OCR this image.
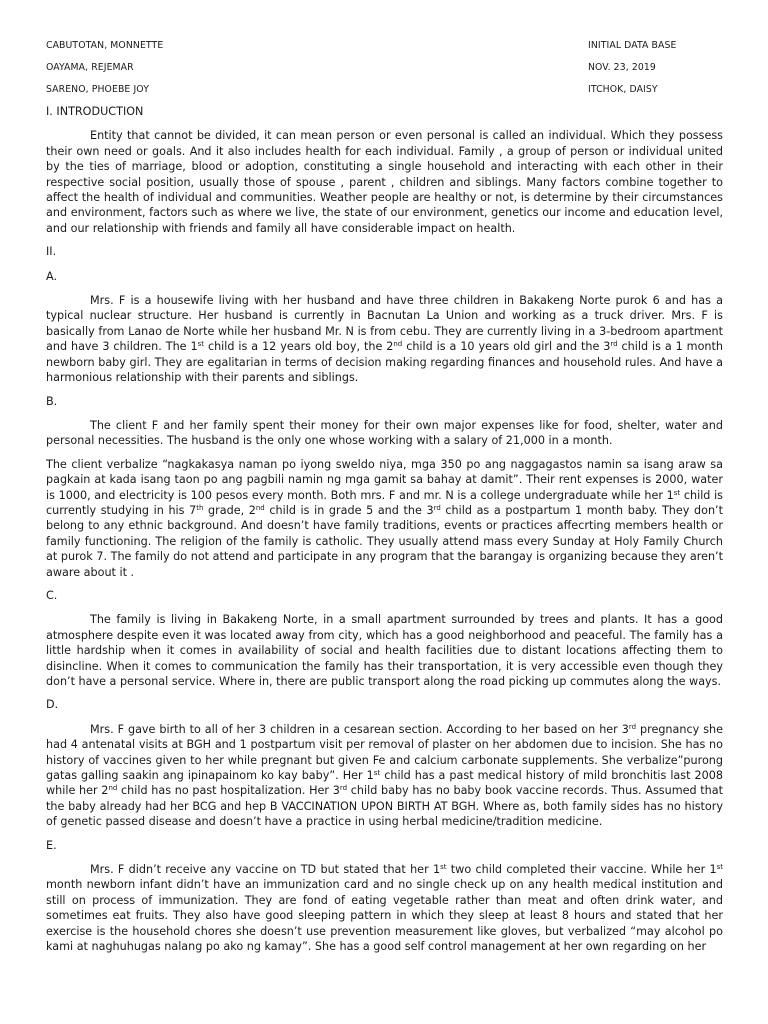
CABUTOTAN, MONNETTE	INITIAL DATA BASE
OAYAMA, REJEMAR	NOV. 23, 2019
SARENO, PHOEBE JOY	ITCHOK, DAISY
I. INTRODUCTION

Entity that cannot be divided, it can mean person or even personal is called an individual. Which they possess their own need or goals. And it also includes health for each individual. Family , a group of person or individual united by the ties of marriage, blood or adoption, constituting a single household and interacting with each other in their respective social position, usually those of spouse , parent , children and siblings. Many factors combine together to affect the health of individual and communities. Weather people are healthy or not, is determine by their circumstances and environment, factors such as where we live, the state of our environment, genetics our income and education level, and our relationship with friends and family all have considerable impact on health.

II.
A.

Mrs. F is a housewife living with her husband and have three children in Bakakeng Norte purok 6 and has a typical nuclear structure. Her husband is currently in Bacnutan La Union and working as a truck driver. Mrs. F is basically from Lanao de Norte while her husband Mr. N is from cebu. They are currently living in a 3-bedroom apartment and have 3 children. The 1st child is a 12 years old boy, the 2nd child is a 10 years old girl and the 3rd child is a 1 month newborn baby girl. They are egalitarian in terms of decision making regarding finances and household rules. And have a harmonious relationship with their parents and siblings.

B.

The client F and her family spent their money for their own major expenses like for food, shelter, water and personal necessities. The husband is the only one whose working with a salary of 21,000 in a month.

The client verbalize “nagkakasya naman po iyong sweldo niya, mga 350 po ang naggagastos namin sa isang araw sa pagkain at kada isang taon po ang pagbili namin ng mga gamit sa bahay at damit”. Their rent expenses is 2000, water is 1000, and electricity is 100 pesos every month. Both mrs. F and mr. N is a college undergraduate while her 1st child is currently studying in his 7th grade, 2nd child is in grade 5 and the 3rd child as a postpartum 1 month baby. They don’t belong to any ethnic background. And doesn’t have family traditions, events or practices affecrting members health or family functioning. The religion of the family is catholic. They usually attend mass every Sunday at Holy Family Church at purok 7. The family do not attend and participate in any program that the barangay is organizing because they aren’t aware about it .

C.

The family is living in Bakakeng Norte, in a small apartment surrounded by trees and plants. It has a good atmosphere despite even it was located away from city, which has a good neighborhood and peaceful. The family has a little hardship when it comes in availability of social and health facilities due to distant locations affecting them to disincline. When it comes to communication the family has their transportation, it is very accessible even though they don’t have a personal service. Where in, there are public transport along the road picking up commutes along the ways.

D.

Mrs. F gave birth to all of her 3 children in a cesarean section. According to her based on her 3rd pregnancy she had 4 antenatal visits at BGH and 1 postpartum visit per removal of plaster on her abdomen due to incision. She has no history of vaccines given to her while pregnant but given Fe and calcium carbonate supplements. She verbalize”purong gatas galling saakin ang ipinapainom ko kay baby”. Her 1st child has a past medical history of mild bronchitis last 2008 while her 2nd child has no past hospitalization. Her 3rd child baby has no baby book vaccine records. Thus. Assumed that the baby already had her BCG and hep B VACCINATION UPON BIRTH AT BGH. Where as, both family sides has no history of genetic passed disease and doesn’t have a practice in using herbal medicine/tradition medicine.

E.

Mrs. F didn’t receive any vaccine on TD but stated that her 1st two child completed their vaccine. While her 1st month newborn infant didn’t have an immunization card and no single check up on any health medical institution and still on process of immunization. They are fond of eating vegetable rather than meat and often drink water, and sometimes eat fruits. They also have good sleeping pattern in which they sleep at least 8 hours and stated that her exercise is the household chores she doesn’t use prevention measurement like gloves, but verbalized “may alcohol po kami at naghuhugas nalang po ako ng kamay”. She has a good self control management at her own regarding on her
